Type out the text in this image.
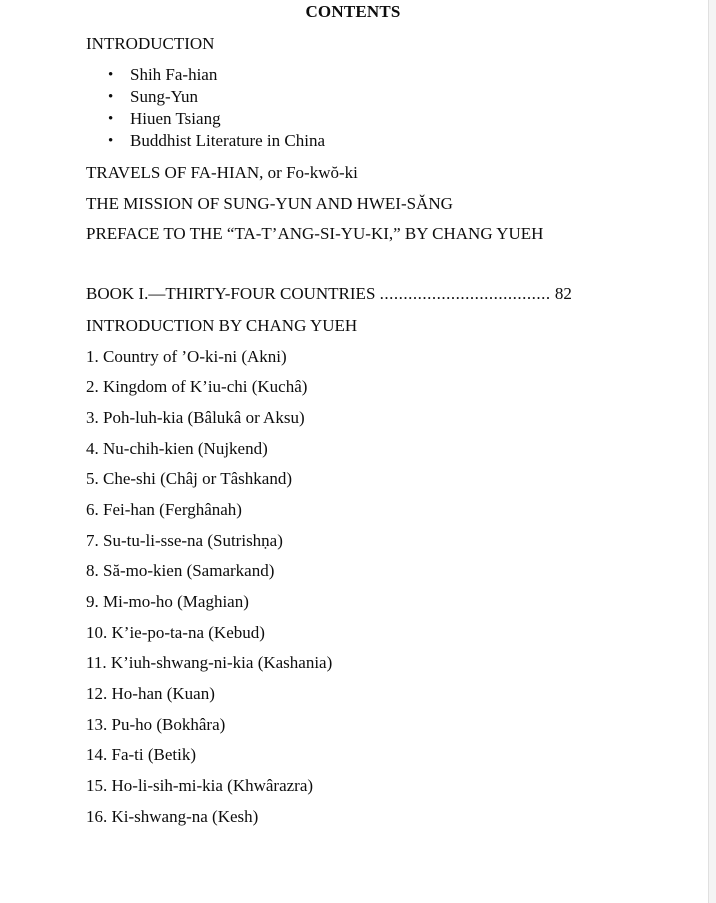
CONTENTS
INTRODUCTION
• Shih Fa-hian
• Sung-Yun
• Hiuen Tsiang
• Buddhist Literature in China
TRAVELS OF FA-HIAN, or Fo-kwŏ-ki
THE MISSION OF SUNG-YUN AND HWEI-SĂNG
PREFACE TO THE “TA-T’ANG-SI-YU-KI,” BY CHANG YUEH
BOOK I.—THIRTY-FOUR COUNTRIES .................................... 82
INTRODUCTION BY CHANG YUEH
1. Country of ’O-ki-ni (Akni)
2. Kingdom of K’iu-chi (Kuchâ)
3. Poh-luh-kia (Bâlukâ or Aksu)
4. Nu-chih-kien (Nujkend)
5. Che-shi (Châj or Tâshkand)
6. Fei-han (Ferghânah)
7. Su-tu-li-sse-na (Sutrishṇa)
8. Să-mo-kien (Samarkand)
9. Mi-mo-ho (Maghian)
10. K’ie-po-ta-na (Kebud)
11. K’iuh-shwang-ni-kia (Kashania)
12. Ho-han (Kuan)
13. Pu-ho (Bokhâra)
14. Fa-ti (Betik)
15. Ho-li-sih-mi-kia (Khwârazra)
16. Ki-shwang-na (Kesh)
